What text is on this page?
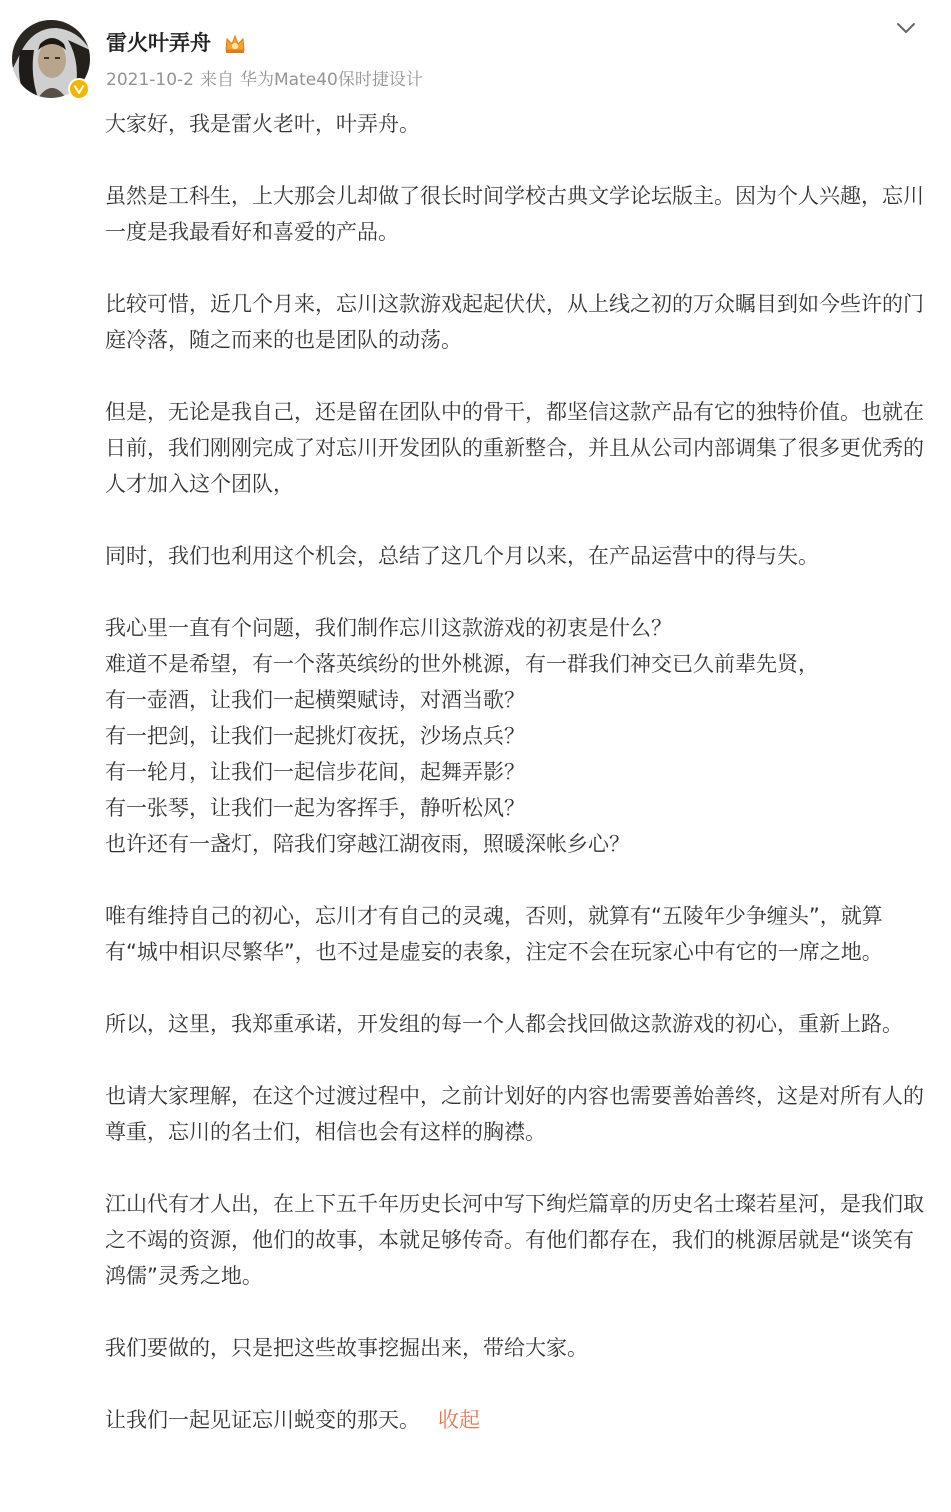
雷火叶弄舟
2021-10-2 来自 华为Mate40保时捷设计

大家好，我是雷火老叶，叶弄舟。

虽然是工科生，上大那会儿却做了很长时间学校古典文学论坛版主。因为个人兴趣，忘川一度是我最看好和喜爱的产品。

比较可惜，近几个月来，忘川这款游戏起起伏伏，从上线之初的万众瞩目到如今些许的门庭冷落，随之而来的也是团队的动荡。

但是，无论是我自己，还是留在团队中的骨干，都坚信这款产品有它的独特价值。也就在日前，我们刚刚完成了对忘川开发团队的重新整合，并且从公司内部调集了很多更优秀的人才加入这个团队，

同时，我们也利用这个机会，总结了这几个月以来，在产品运营中的得与失。

我心里一直有个问题，我们制作忘川这款游戏的初衷是什么？

难道不是希望，有一个落英缤纷的世外桃源，有一群我们神交已久前辈先贤，

有一壶酒，让我们一起横槊赋诗，对酒当歌？

有一把剑，让我们一起挑灯夜抚，沙场点兵？

有一轮月，让我们一起信步花间，起舞弄影？

有一张琴，让我们一起为客挥手，静听松风？

也许还有一盏灯，陪我们穿越江湖夜雨，照暖深帐乡心？

唯有维持自己的初心，忘川才有自己的灵魂，否则，就算有“五陵年少争缠头”，就算有“城中相识尽繁华”，也不过是虚妄的表象，注定不会在玩家心中有它的一席之地。

所以，这里，我郑重承诺，开发组的每一个人都会找回做这款游戏的初心，重新上路。

也请大家理解，在这个过渡过程中，之前计划好的内容也需要善始善终，这是对所有人的尊重，忘川的名士们，相信也会有这样的胸襟。

江山代有才人出，在上下五千年历史长河中写下绚烂篇章的历史名士璨若星河，是我们取之不竭的资源，他们的故事，本就足够传奇。有他们都存在，我们的桃源居就是“谈笑有鸿儒”灵秀之地。

我们要做的，只是把这些故事挖掘出来，带给大家。

让我们一起见证忘川蜕变的那天。 收起
